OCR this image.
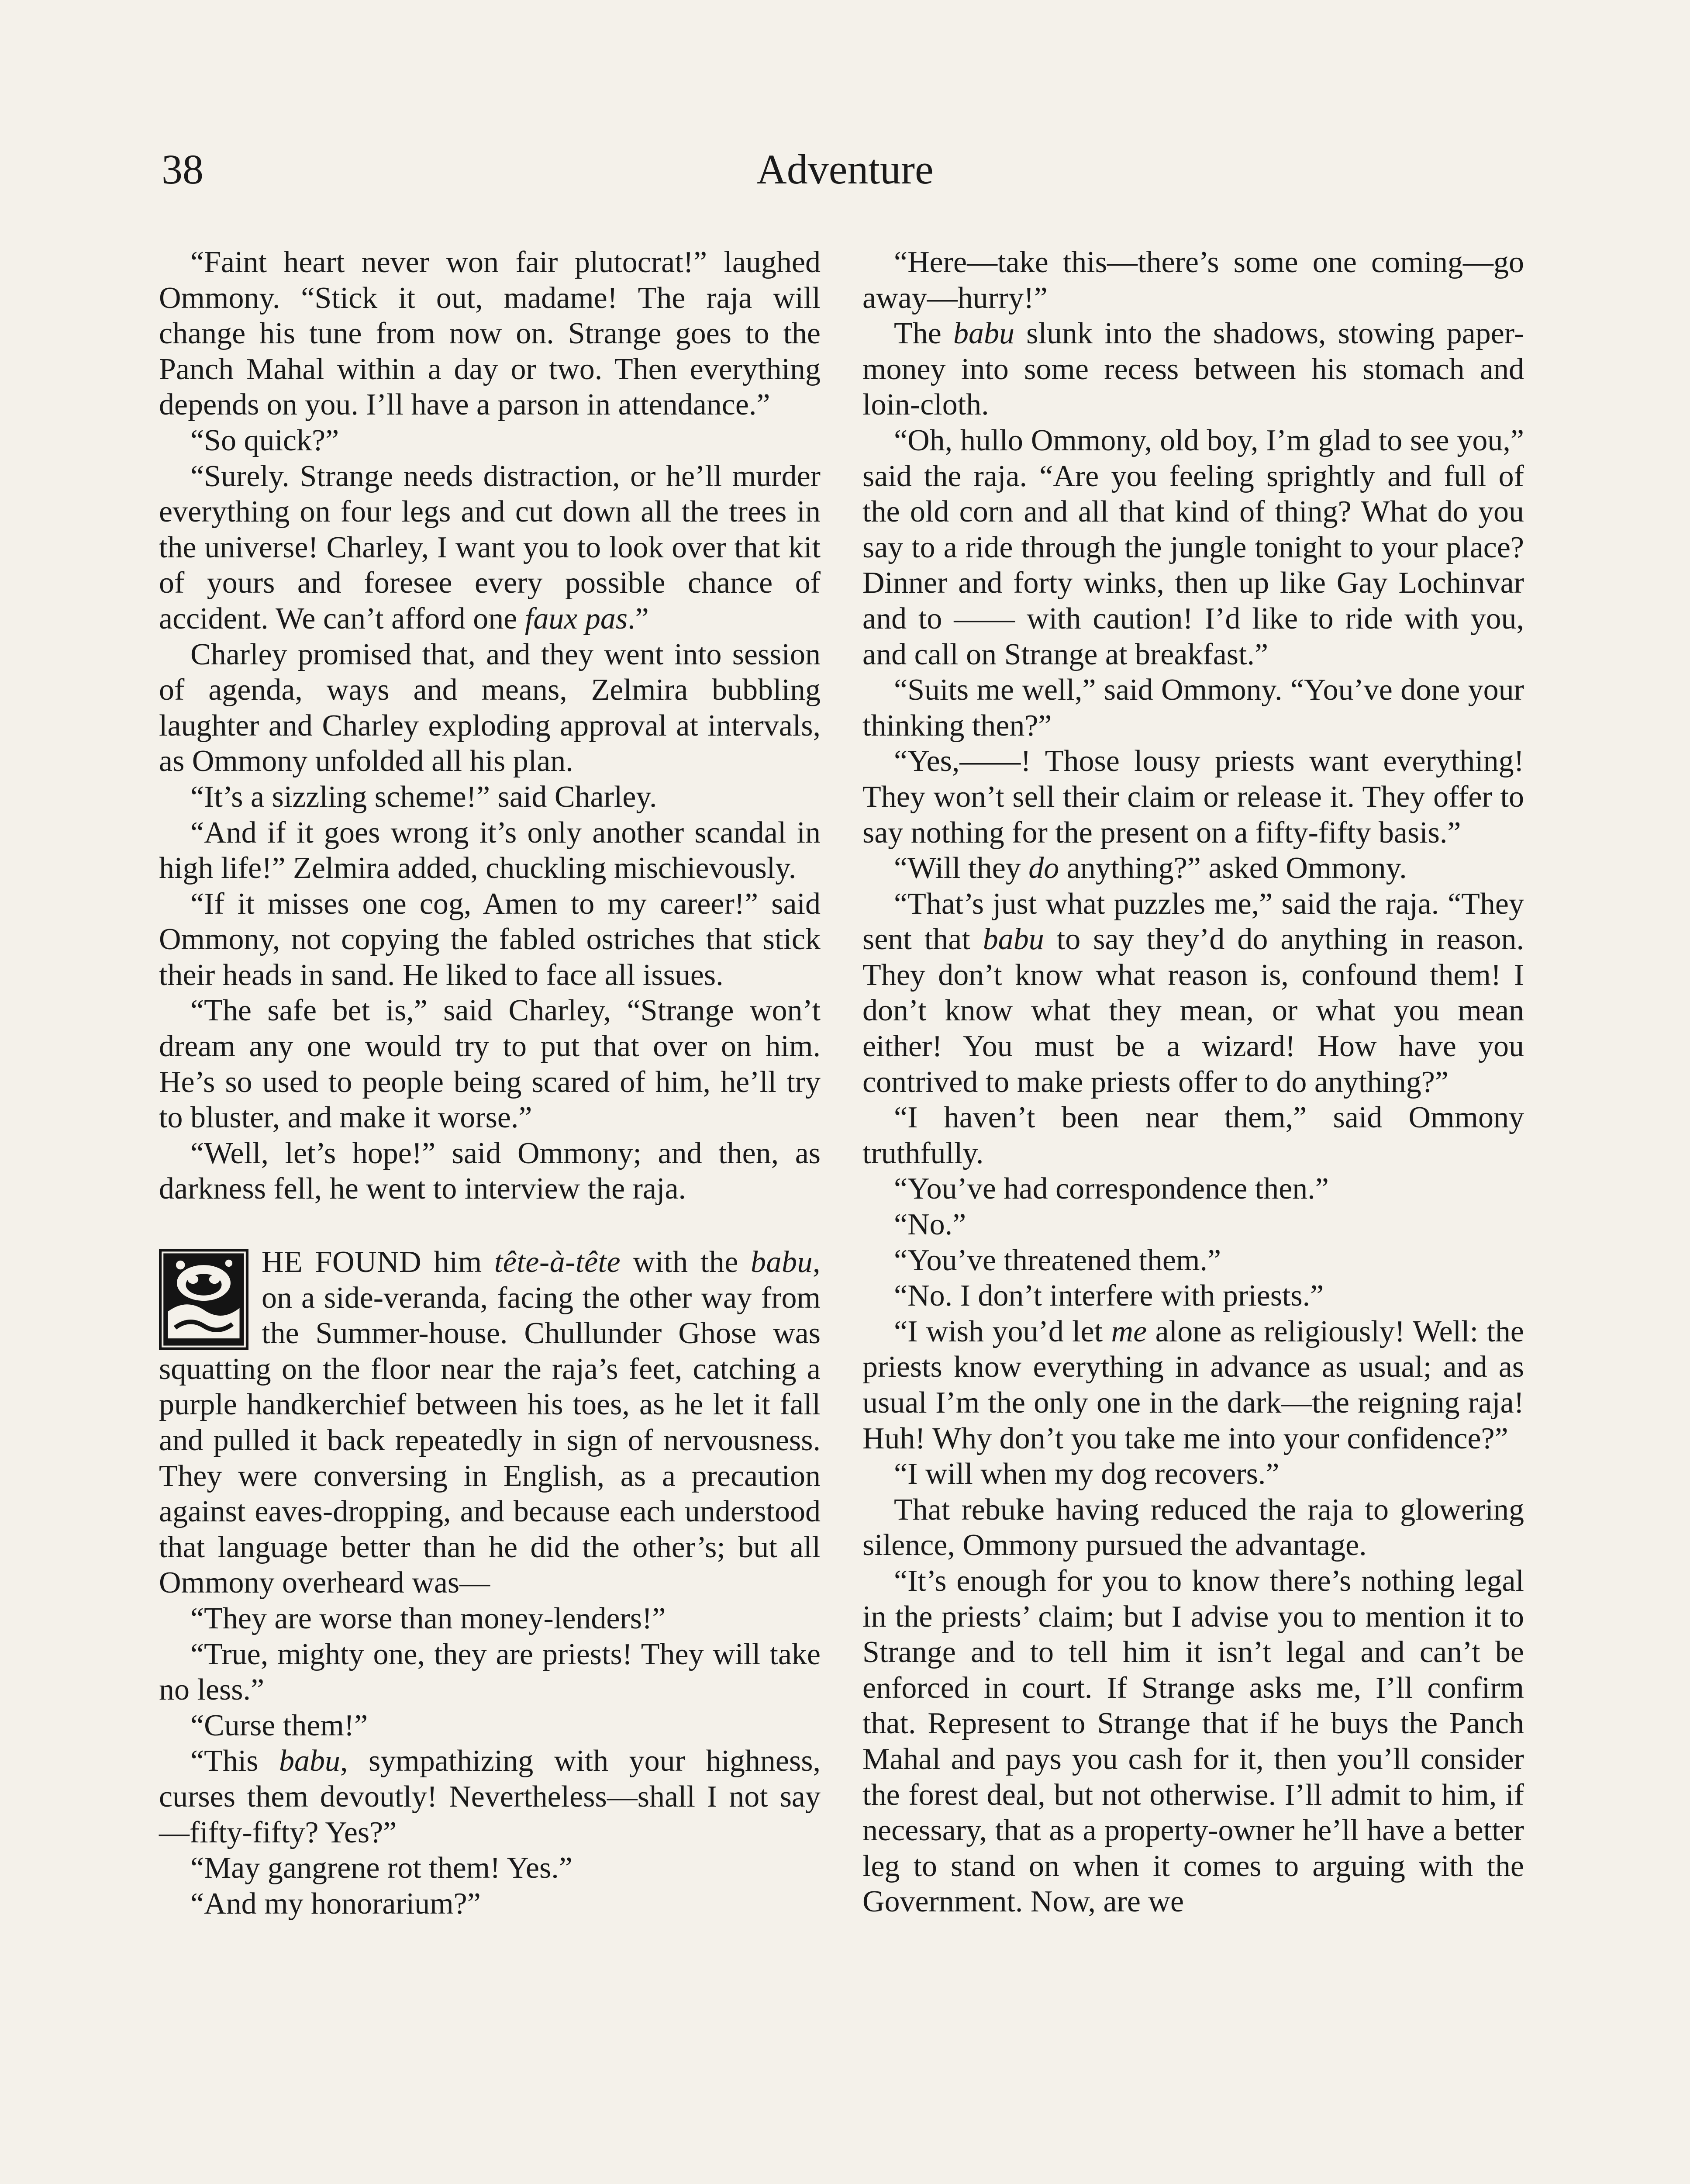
38	Adventure

“Faint heart never won fair plutocrat!” laughed Ommony. “Stick it out, madame! The raja will change his tune from now on. Strange goes to the Panch Mahal within a day or two. Then everything depends on you. I’ll have a parson in attendance.”

“So quick?”

“Surely. Strange needs distraction, or he’ll murder everything on four legs and cut down all the trees in the universe! Charley, I want you to look over that kit of yours and foresee every possible chance of accident. We can’t afford one faux pas.”

Charley promised that, and they went into session of agenda, ways and means, Zelmira bubbling laughter and Charley exploding approval at intervals, as Ommony unfolded all his plan.

“It’s a sizzling scheme!” said Charley.

“And if it goes wrong it’s only another scandal in high life!” Zelmira added, chuckling mischievously.

“If it misses one cog, Amen to my career!” said Ommony, not copying the fabled ostriches that stick their heads in sand. He liked to face all issues.

“The safe bet is,” said Charley, “Strange won’t dream any one would try to put that over on him. He’s so used to people being scared of him, he’ll try to bluster, and make it worse.”

“Well, let’s hope!” said Ommony; and then, as darkness fell, he went to interview the raja.

HE FOUND him tête-à-tête with the babu, on a side-veranda, facing the other way from the Summer-house. Chullunder Ghose was squatting on the floor near the raja’s feet, catching a purple handkerchief between his toes, as he let it fall and pulled it back repeatedly in sign of nervousness. They were conversing in English, as a precaution against eaves-dropping, and because each understood that language better than he did the other’s; but all Ommony overheard was—

“They are worse than money-lenders!”

“True, mighty one, they are priests! They will take no less.”

“Curse them!”

“This babu, sympathizing with your highness, curses them devoutly! Nevertheless—shall I not say—fifty-fifty? Yes?”

“May gangrene rot them! Yes.”

“And my honorarium?”

“Here—take this—there’s some one coming—go away—hurry!”

The babu slunk into the shadows, stowing paper-money into some recess between his stomach and loin-cloth.

“Oh, hullo Ommony, old boy, I’m glad to see you,” said the raja. “Are you feeling sprightly and full of the old corn and all that kind of thing? What do you say to a ride through the jungle tonight to your place? Dinner and forty winks, then up like Gay Lochinvar and to —— with caution! I’d like to ride with you, and call on Strange at breakfast.”

“Suits me well,” said Ommony. “You’ve done your thinking then?”

“Yes,——! Those lousy priests want everything! They won’t sell their claim or release it. They offer to say nothing for the present on a fifty-fifty basis.”

“Will they do anything?” asked Ommony.

“That’s just what puzzles me,” said the raja. “They sent that babu to say they’d do anything in reason. They don’t know what reason is, confound them! I don’t know what they mean, or what you mean either! You must be a wizard! How have you contrived to make priests offer to do anything?”

“I haven’t been near them,” said Ommony truthfully.

“You’ve had correspondence then.”

“No.”

“You’ve threatened them.”

“No. I don’t interfere with priests.”

“I wish you’d let me alone as religiously! Well: the priests know everything in advance as usual; and as usual I’m the only one in the dark—the reigning raja! Huh! Why don’t you take me into your confidence?”

“I will when my dog recovers.”

That rebuke having reduced the raja to glowering silence, Ommony pursued the advantage.

“It’s enough for you to know there’s nothing legal in the priests’ claim; but I advise you to mention it to Strange and to tell him it isn’t legal and can’t be enforced in court. If Strange asks me, I’ll confirm that. Represent to Strange that if he buys the Panch Mahal and pays you cash for it, then you’ll consider the forest deal, but not otherwise. I’ll admit to him, if necessary, that as a property-owner he’ll have a better leg to stand on when it comes to arguing with the Government. Now, are we
